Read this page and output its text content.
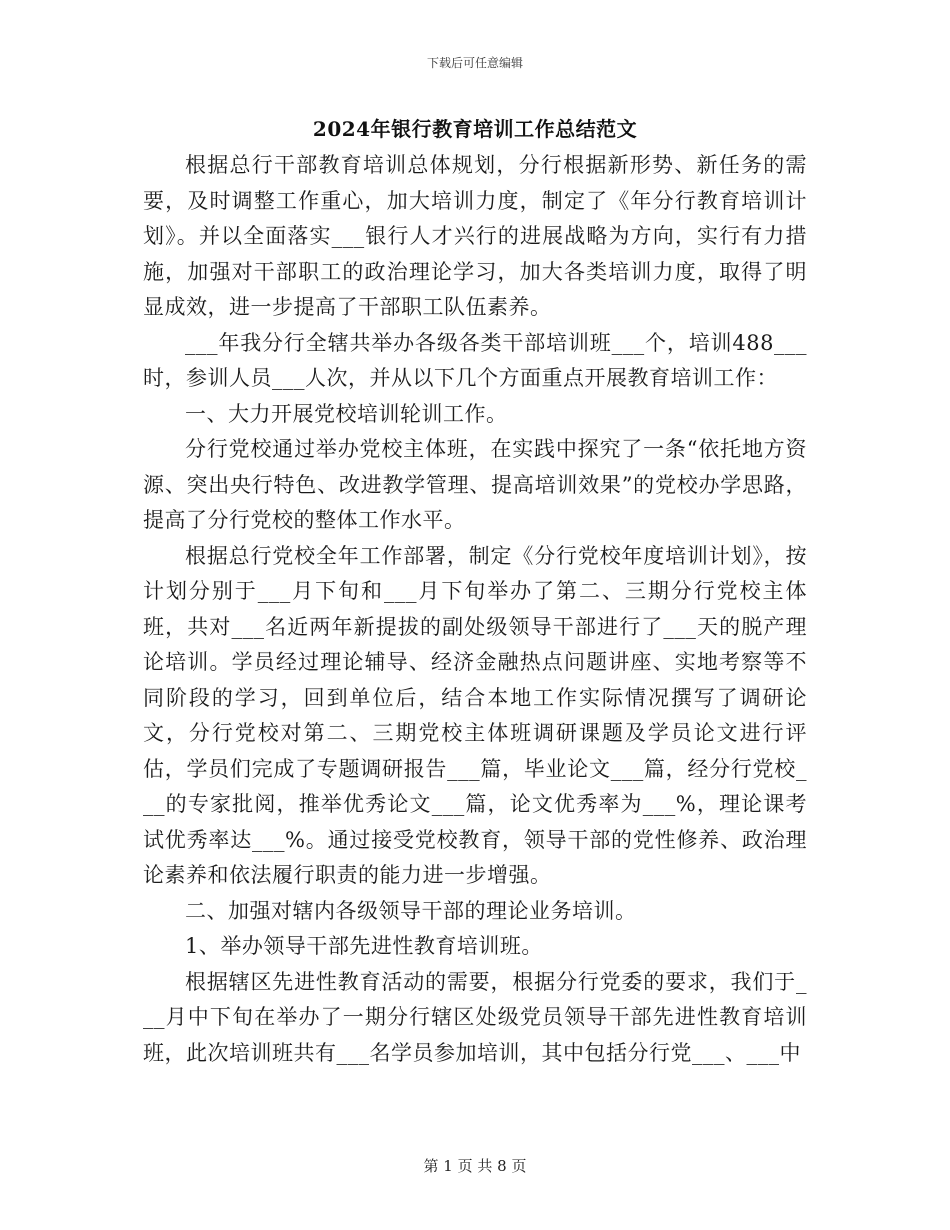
下载后可任意编辑
2024年银行教育培训工作总结范文

根据总行干部教育培训总体规划，分行根据新形势、新任务的需要，及时调整工作重心，加大培训力度，制定了《年分行教育培训计划》。并以全面落实___银行人才兴行的进展战略为方向，实行有力措施，加强对干部职工的政治理论学习，加大各类培训力度，取得了明显成效，进一步提高了干部职工队伍素养。

___年我分行全辖共举办各级各类干部培训班___个，培训488___时，参训人员___人次，并从以下几个方面重点开展教育培训工作：

一、大力开展党校培训轮训工作。

分行党校通过举办党校主体班，在实践中探究了一条“依托地方资源、突出央行特色、改进教学管理、提高培训效果”的党校办学思路，提高了分行党校的整体工作水平。

根据总行党校全年工作部署，制定《分行党校年度培训计划》，按计划分别于___月下旬和___月下旬举办了第二、三期分行党校主体班，共对___名近两年新提拔的副处级领导干部进行了___天的脱产理论培训。学员经过理论辅导、经济金融热点问题讲座、实地考察等不同阶段的学习，回到单位后，结合本地工作实际情况撰写了调研论文，分行党校对第二、三期党校主体班调研课题及学员论文进行评估，学员们完成了专题调研报告___篇，毕业论文___篇，经分行党校___的专家批阅，推举优秀论文___篇，论文优秀率为___%，理论课考试优秀率达___%。通过接受党校教育，领导干部的党性修养、政治理论素养和依法履行职责的能力进一步增强。

二、加强对辖内各级领导干部的理论业务培训。

1、举办领导干部先进性教育培训班。

根据辖区先进性教育活动的需要，根据分行党委的要求，我们于___月中下旬在举办了一期分行辖区处级党员领导干部先进性教育培训班，此次培训班共有___名学员参加培训，其中包括分行党___、___中

第 1 页 共 8 页
